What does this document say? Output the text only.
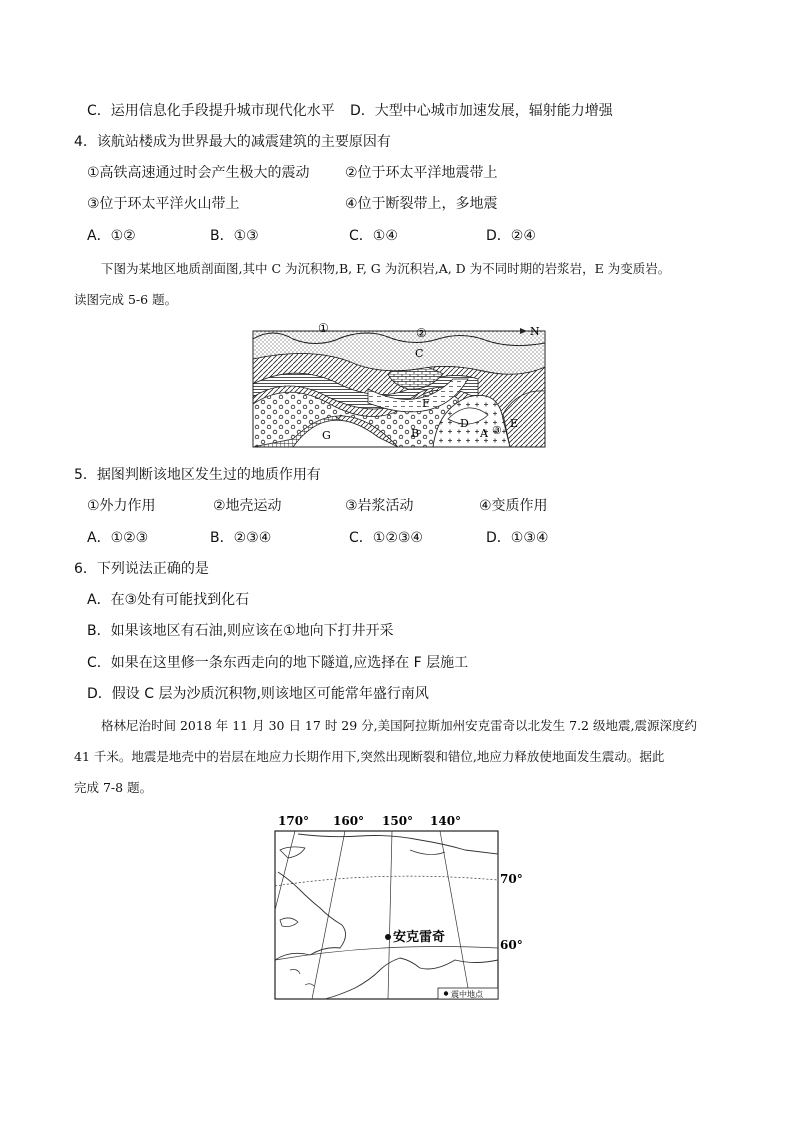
C．运用信息化手段提升城市现代化水平 D．大型中心城市加速发展，辐射能力增强
4．该航站楼成为世界最大的减震建筑的主要原因有
①高铁高速通过时会产生极大的震动	②位于环太平洋地震带上
③位于环太平洋火山带上	④位于断裂带上，多地震
A．①②	B．①③	C．①④	D．②④
下图为某地区地质剖面图,其中 C 为沉积物,B, F, G 为沉积岩,A, D 为不同时期的岩浆岩，E 为变质岩。
读图完成 5-6 题。
①	②	N
C
F
G	B
D
A ③
E
5．据图判断该地区发生过的地质作用有
①外力作用	②地壳运动	③岩浆活动	④变质作用
A．①②③	B．②③④	C．①②③④	D．①③④
6．下列说法正确的是
A．在③处有可能找到化石
B．如果该地区有石油,则应该在①地向下打井开采
C．如果在这里修一条东西走向的地下隧道,应选择在 F 层施工
D．假设 C 层为沙质沉积物,则该地区可能常年盛行南风
格林尼治时间 2018 年 11 月 30 日 17 时 29 分,美国阿拉斯加州安克雷奇以北发生 7.2 级地震,震源深度约
41 千米。地震是地壳中的岩层在地应力长期作用下,突然出现断裂和错位,地应力释放使地面发生震动。据此
完成 7-8 题。
170° 160° 150° 140°
安克雷奇
70°
60°
震中地点
